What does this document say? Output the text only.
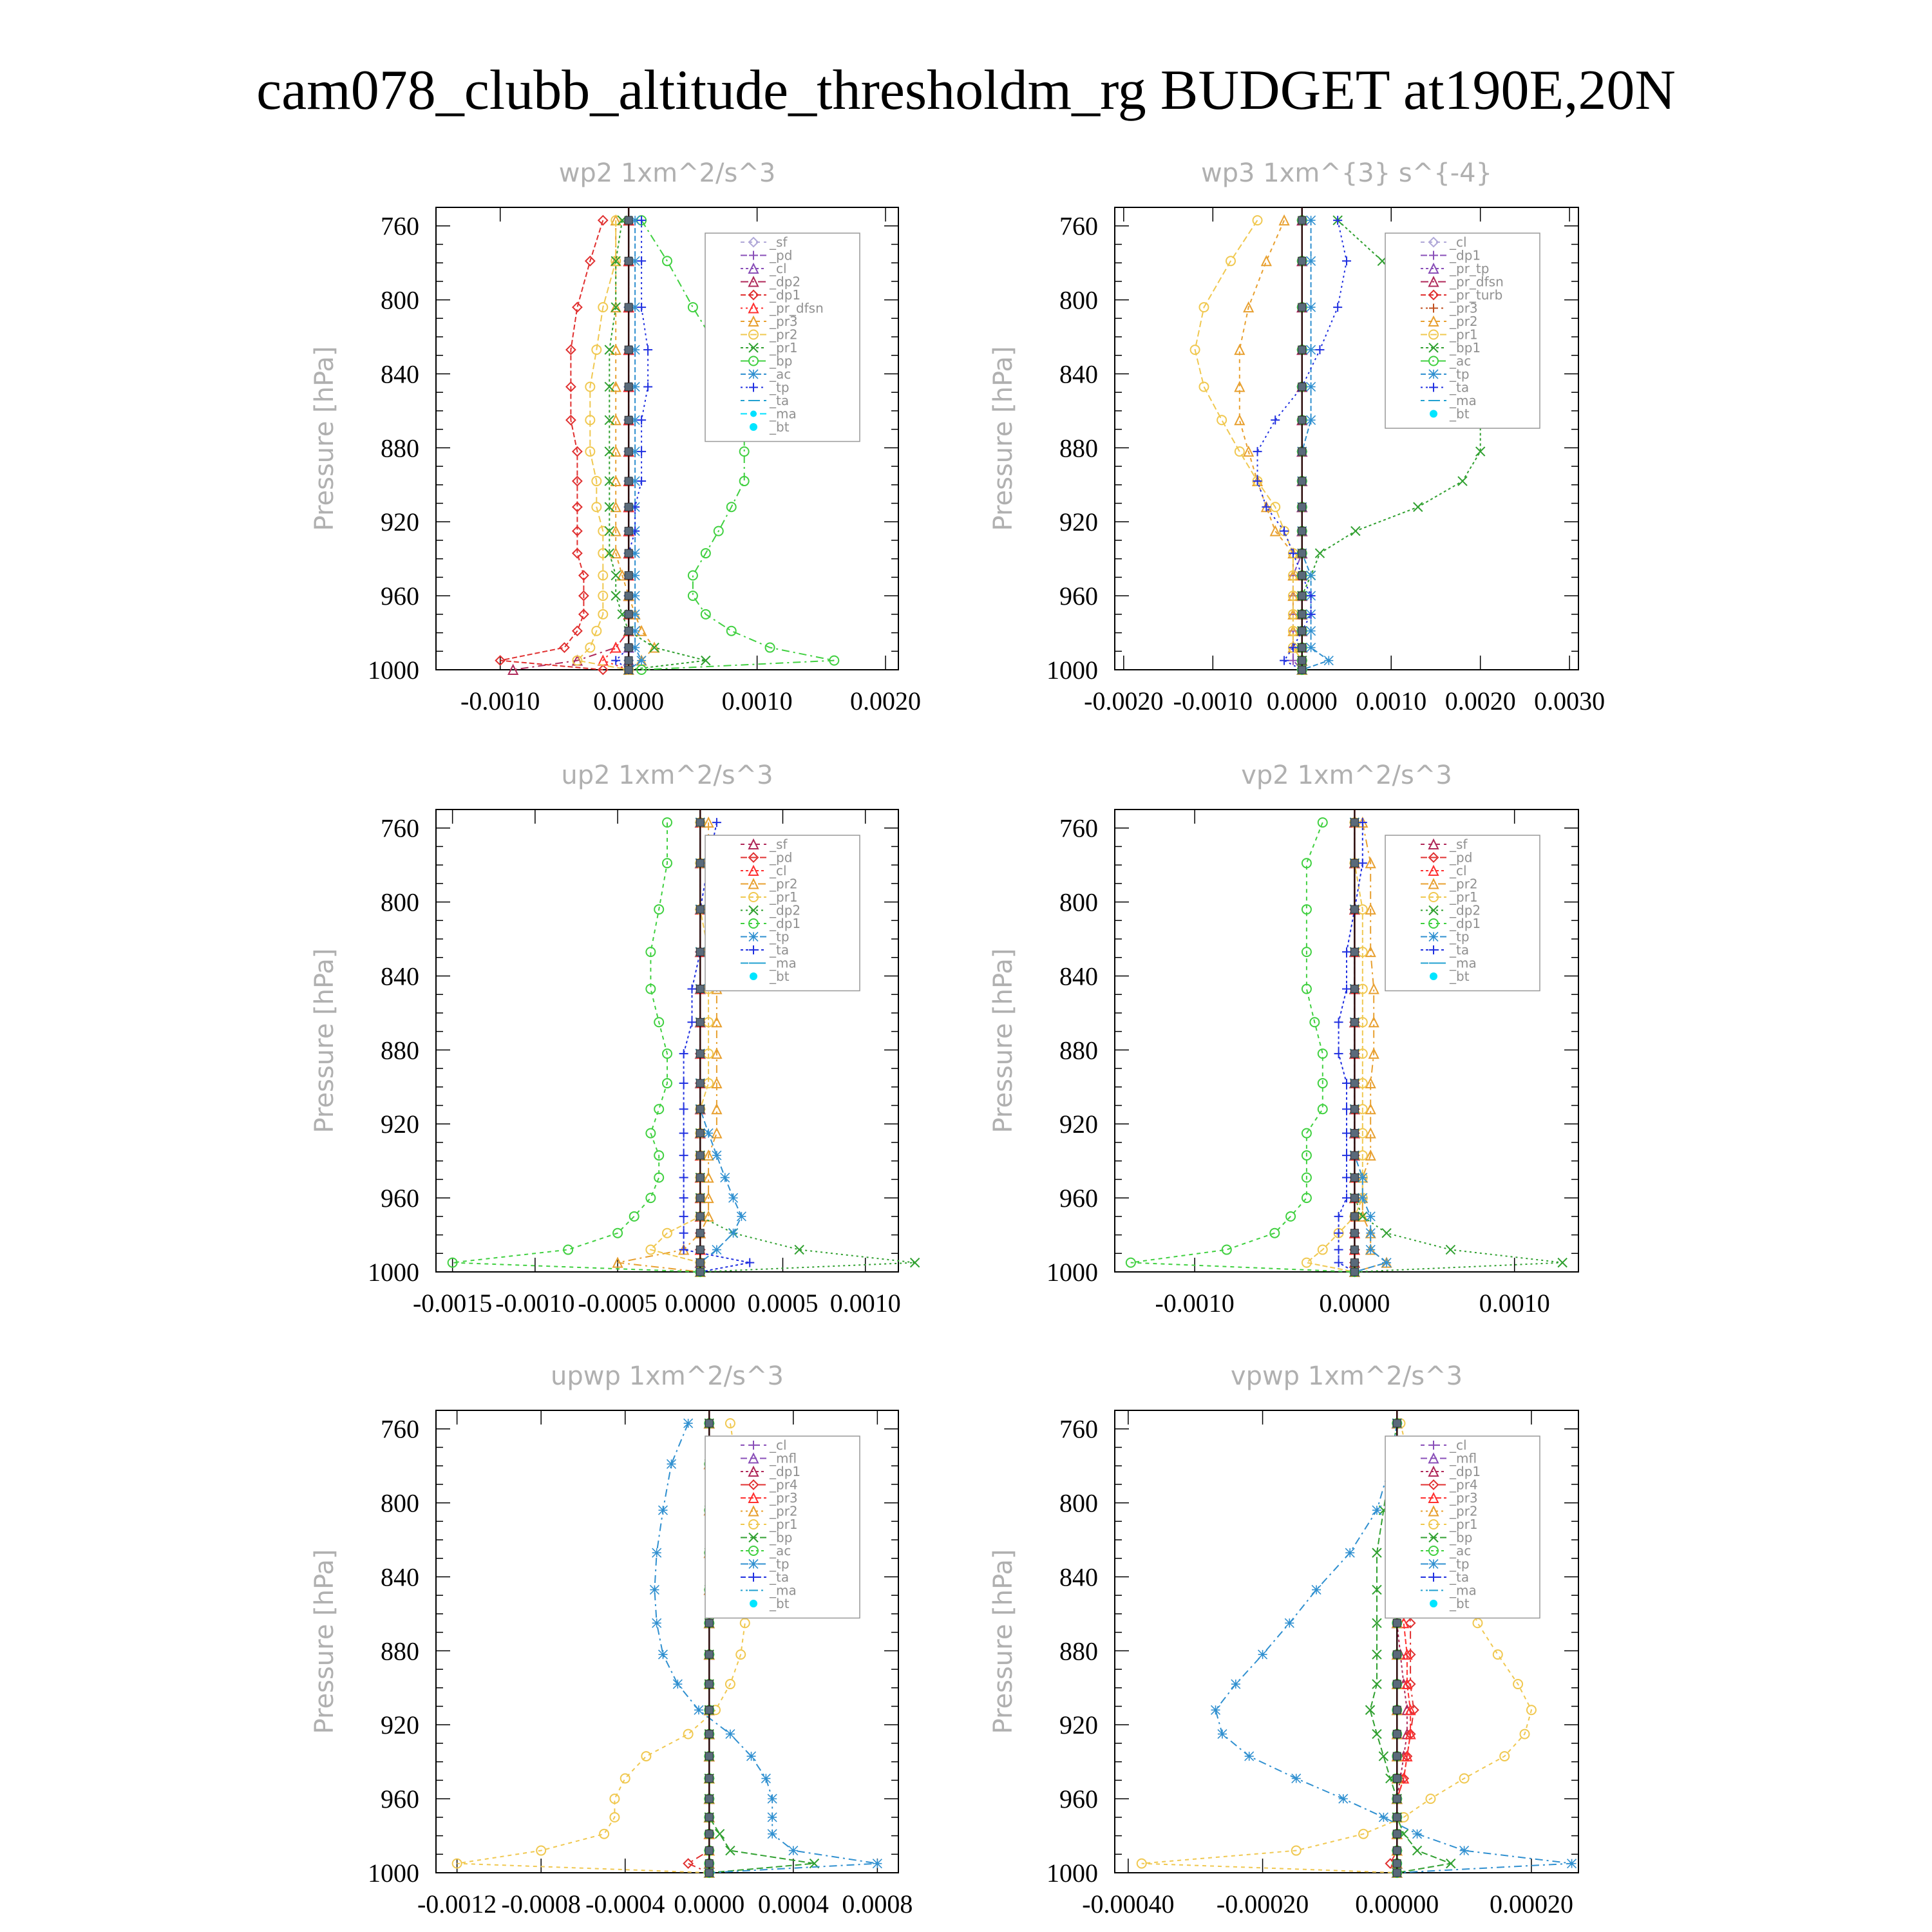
cam078_clubb_altitude_thresholdm_rg BUDGET at190E,20N
wp2 1xm^2/s^3
Pressure [hPa]
760
800
840
880
920
960
1000
-0.0010 0.0000 0.0010 0.0020
_sf
_pd
_cl
_dp2
_dp1
_pr_dfsn
_pr3
_pr2
_pr1
_bp
_ac
_tp
_ta
_ma
_bt
wp3 1xm^{3} s^{-4}
Pressure [hPa]
760
800
840
880
920
960
1000
-0.0020 -0.0010 0.0000 0.0010 0.0020 0.0030
_cl
_dp1
_pr_tp
_pr_dfsn
_pr_turb
_pr3
_pr2
_pr1
_bp1
_ac
_tp
_ta
_ma
_bt
up2 1xm^2/s^3
Pressure [hPa]
760
800
840
880
920
960
1000
-0.0015 -0.0010 -0.0005 0.0000 0.0005 0.0010
_sf
_pd
_cl
_pr2
_pr1
_dp2
_dp1
_tp
_ta
_ma
_bt
vp2 1xm^2/s^3
Pressure [hPa]
760
800
840
880
920
960
1000
-0.0010	0.0000	0.0010
_sf
_pd
_cl
_pr2
_pr1
_dp2
_dp1
_tp
_ta
_ma
_bt
upwp 1xm^2/s^3
Pressure [hPa]
760
800
840
880
920
960
1000
-0.0012 -0.0008 -0.0004 0.0000 0.0004 0.0008
_cl
_mfl
_dp1
_pr4
_pr3
_pr2
_pr1
_bp
_ac
_tp
_ta
_ma
_bt
vpwp 1xm^2/s^3
Pressure [hPa]
760
800
840
880
920
960
1000
-0.00040 -0.00020 0.00000 0.00020
_cl
_mfl
_dp1
_pr4
_pr3
_pr2
_pr1
_bp
_ac
_tp
_ta
_ma
_bt
